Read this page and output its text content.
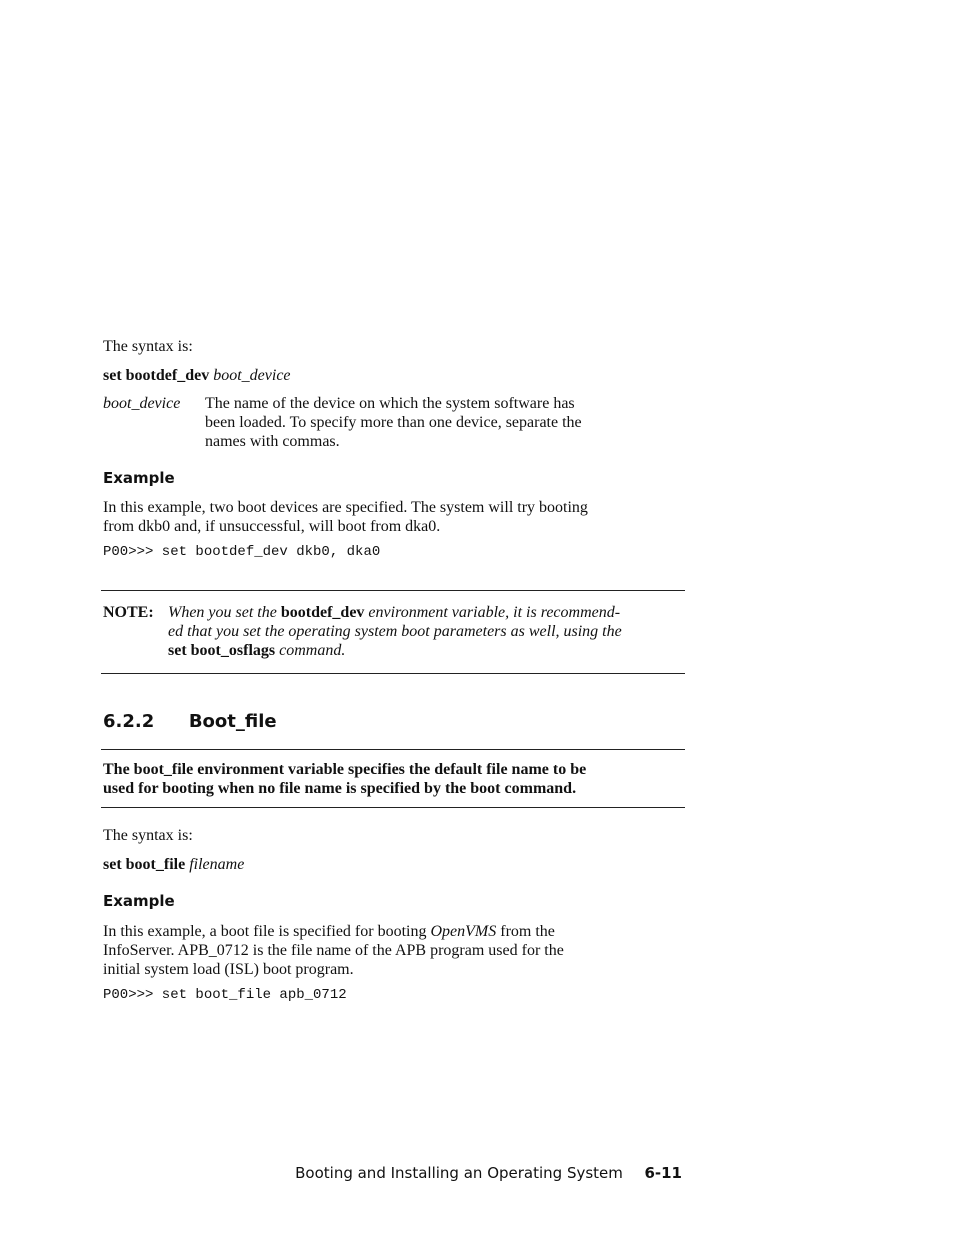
The syntax is:
set bootdef_dev boot_device
boot_device The name of the device on which the system software has
been loaded. To specify more than one device, separate the
names with commas.
Example
In this example, two boot devices are specified. The system will try booting
from dkb0 and, if unsuccessful, will boot from dka0.
P00>>> set bootdef_dev dkb0, dka0
NOTE: When you set the bootdef_dev environment variable, it is recommend-
ed that you set the operating system boot parameters as well, using the
set boot_osflags command.
6.2.2 Boot_file
The boot_file environment variable specifies the default file name to be
used for booting when no file name is specified by the boot command.
The syntax is:
set boot_file filename
Example
In this example, a boot file is specified for booting OpenVMS from the
InfoServer. APB_0712 is the file name of the APB program used for the
initial system load (ISL) boot program.
P00>>> set boot_file apb_0712
Booting and Installing an Operating System 6-11
